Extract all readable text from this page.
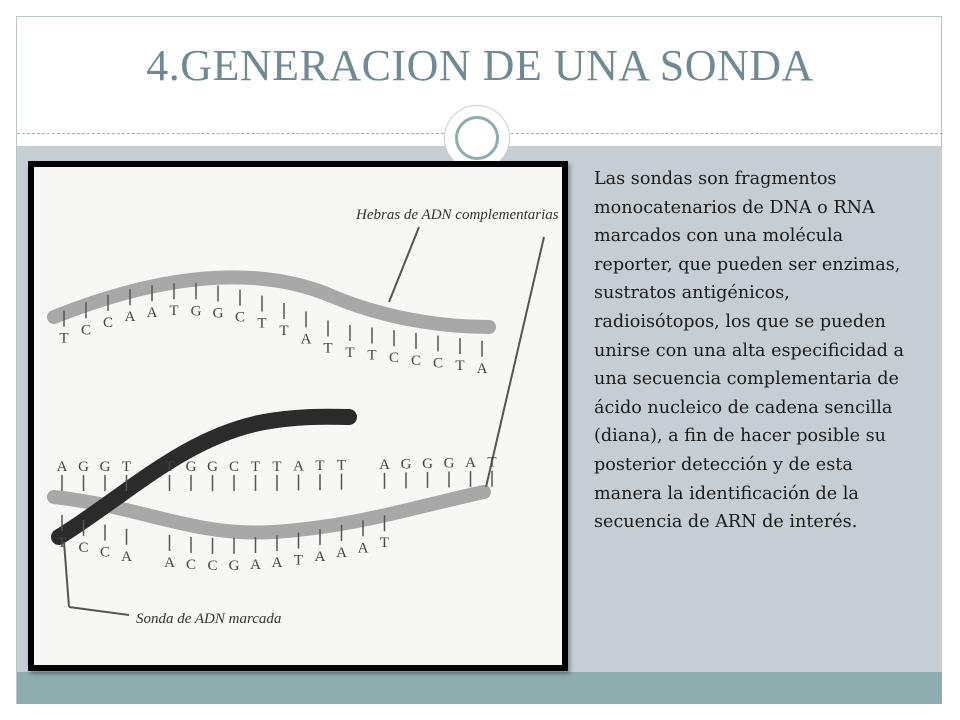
4.GENERACION DE UNA SONDA
Hebras de ADN complementarias
Sonda de ADN marcada
T
C C A A T G G C T T
A
T T T C C C T A
A G G T T G G C T T A T T A G G G A T
T C C A A C C G A A T A A A T
Las sondas son fragmentos monocatenarios de DNA o RNA marcados con una molécula reporter, que pueden ser enzimas, sustratos antigénicos, radioisótopos, los que se pueden unirse con una alta especificidad a una secuencia complementaria de ácido nucleico de cadena sencilla (diana), a fin de hacer posible su posterior detección y de esta manera la identificación de la secuencia de ARN de interés.
